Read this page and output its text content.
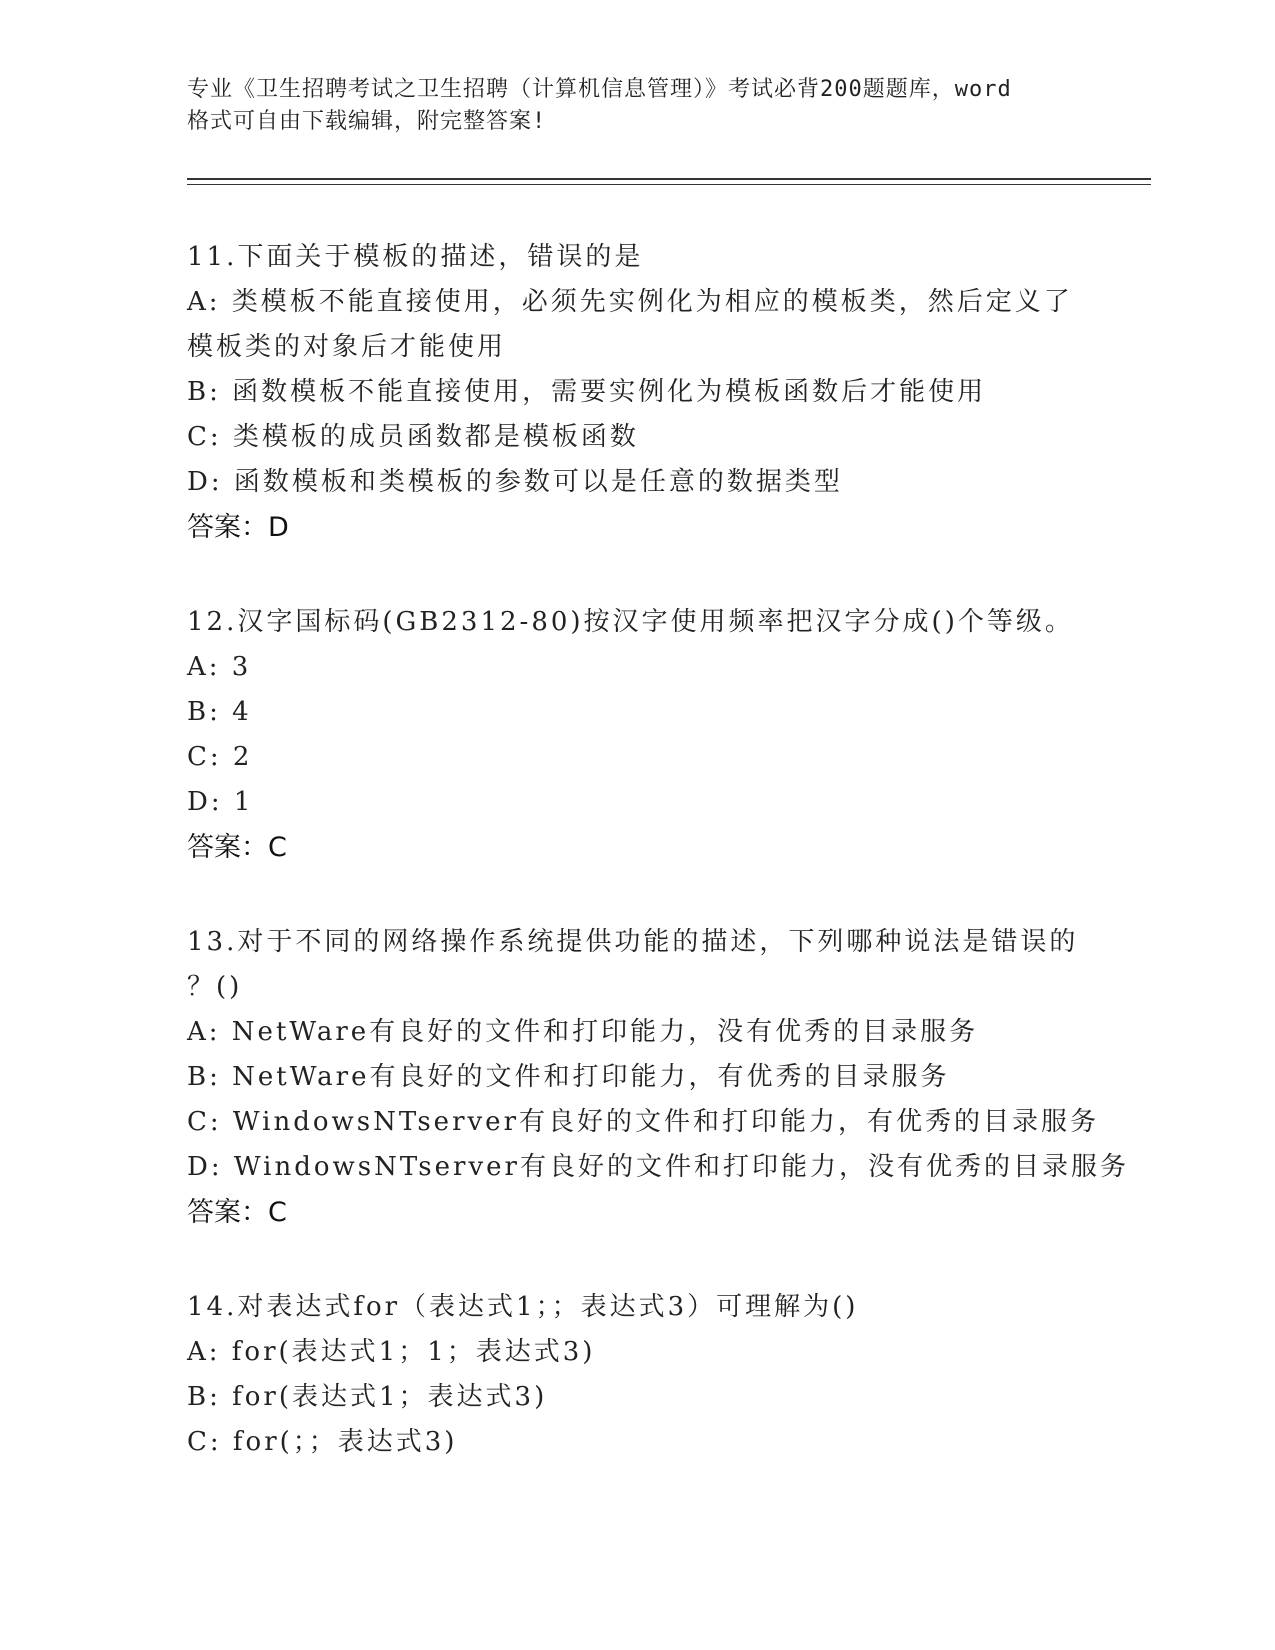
专业《卫生招聘考试之卫生招聘（计算机信息管理）》考试必背200题题库，word
格式可自由下载编辑，附完整答案!
11.下面关于模板的描述，错误的是
A: 类模板不能直接使用，必须先实例化为相应的模板类，然后定义了
模板类的对象后才能使用
B: 函数模板不能直接使用，需要实例化为模板函数后才能使用
C: 类模板的成员函数都是模板函数
D: 函数模板和类模板的参数可以是任意的数据类型
答案：D
12.汉字国标码(GB2312-80)按汉字使用频率把汉字分成()个等级。
A: 3
B: 4
C: 2
D: 1
答案：C
13.对于不同的网络操作系统提供功能的描述，下列哪种说法是错误的
？()
A: NetWare有良好的文件和打印能力，没有优秀的目录服务
B: NetWare有良好的文件和打印能力，有优秀的目录服务
C: WindowsNTserver有良好的文件和打印能力，有优秀的目录服务
D: WindowsNTserver有良好的文件和打印能力，没有优秀的目录服务
答案：C
14.对表达式for（表达式1；；表达式3）可理解为()
A: for(表达式1；1；表达式3)
B: for(表达式1；表达式3)
C: for(；；表达式3)
